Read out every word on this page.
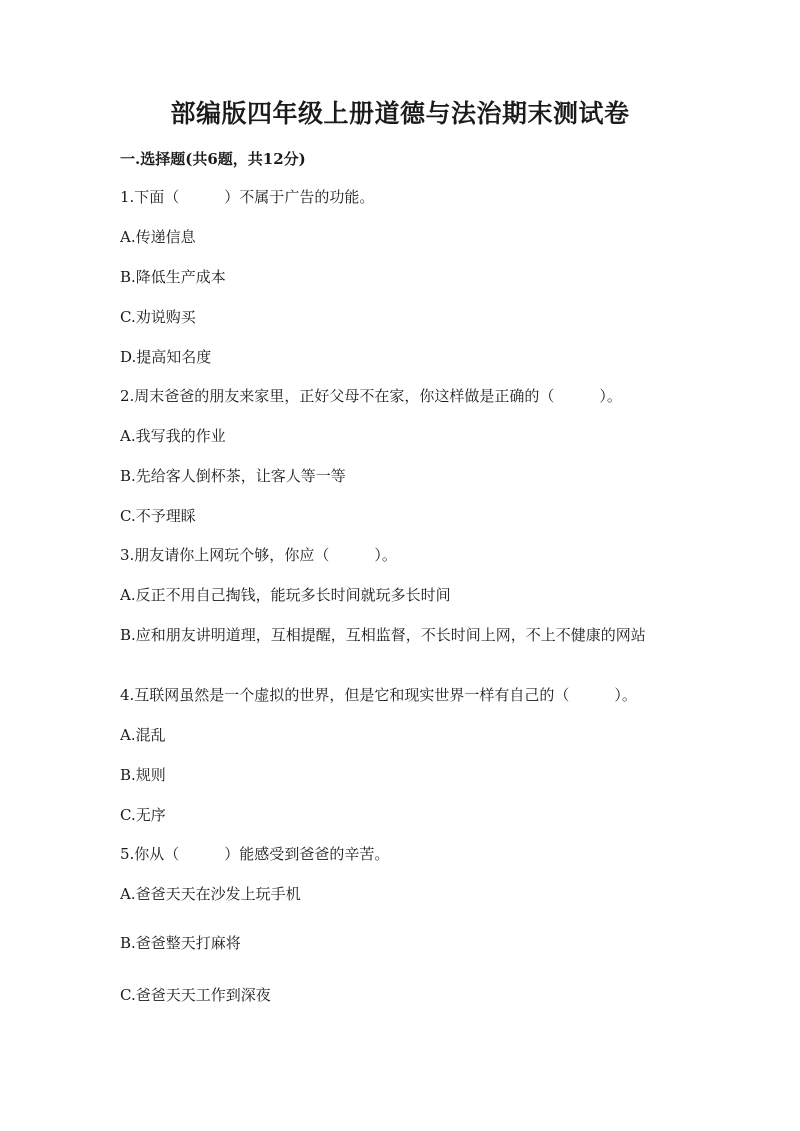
部编版四年级上册道德与法治期末测试卷
一.选择题(共6题，共12分)
1.下面（　　　）不属于广告的功能。
A.传递信息
B.降低生产成本
C.劝说购买
D.提高知名度
2.周末爸爸的朋友来家里，正好父母不在家，你这样做是正确的（　　　）。
A.我写我的作业
B.先给客人倒杯茶，让客人等一等
C.不予理睬
3.朋友请你上网玩个够，你应（　　　）。
A.反正不用自己掏钱，能玩多长时间就玩多长时间
B.应和朋友讲明道理，互相提醒，互相监督，不长时间上网，不上不健康的网站
4.互联网虽然是一个虚拟的世界，但是它和现实世界一样有自己的（　　　）。
A.混乱
B.规则
C.无序
5.你从（　　　）能感受到爸爸的辛苦。
A.爸爸天天在沙发上玩手机
B.爸爸整天打麻将
C.爸爸天天工作到深夜
